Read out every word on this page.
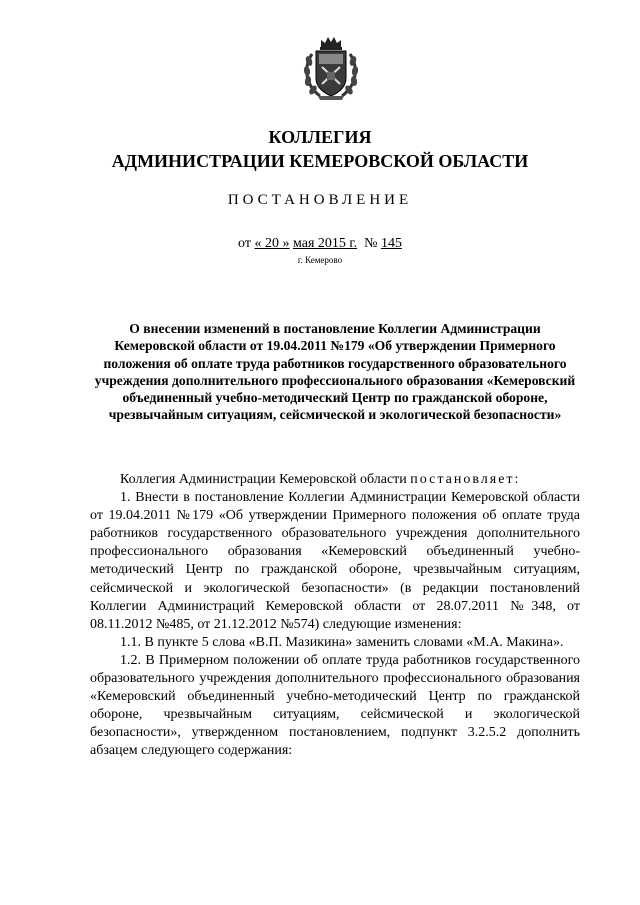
КОЛЛЕГИЯ
АДМИНИСТРАЦИИ КЕМЕРОВСКОЙ ОБЛАСТИ
ПОСТАНОВЛЕНИЕ
от « 20 » мая 2015 г. № 145
г. Кемерово
О внесении изменений в постановление Коллегии Администрации Кемеровской области от 19.04.2011 №179 «Об утверждении Примерного положения об оплате труда работников государственного образовательного учреждения дополнительного профессионального образования «Кемеровский объединенный учебно-методический Центр по гражданской обороне, чрезвычайным ситуациям, сейсмической и экологической безопасности»

Коллегия Администрации Кемеровской области постановляет:

1. Внести в постановление Коллегии Администрации Кемеровской области от 19.04.2011 №179 «Об утверждении Примерного положения об оплате труда работников государственного образовательного учреждения дополнительного профессионального образования «Кемеровский объединенный учебно-методический Центр по гражданской обороне, чрезвычайным ситуациям, сейсмической и экологической безопасности» (в редакции постановлений Коллегии Администраций Кемеровской области от 28.07.2011 №348, от 08.11.2012 №485, от 21.12.2012 №574) следующие изменения:

1.1. В пункте 5 слова «В.П. Мазикина» заменить словами «М.А. Макина».

1.2. В Примерном положении об оплате труда работников государственного образовательного учреждения дополнительного профессионального образования «Кемеровский объединенный учебно-методический Центр по гражданской обороне, чрезвычайным ситуациям, сейсмической и экологической безопасности», утвержденном постановлением, подпункт 3.2.5.2 дополнить абзацем следующего содержания:
